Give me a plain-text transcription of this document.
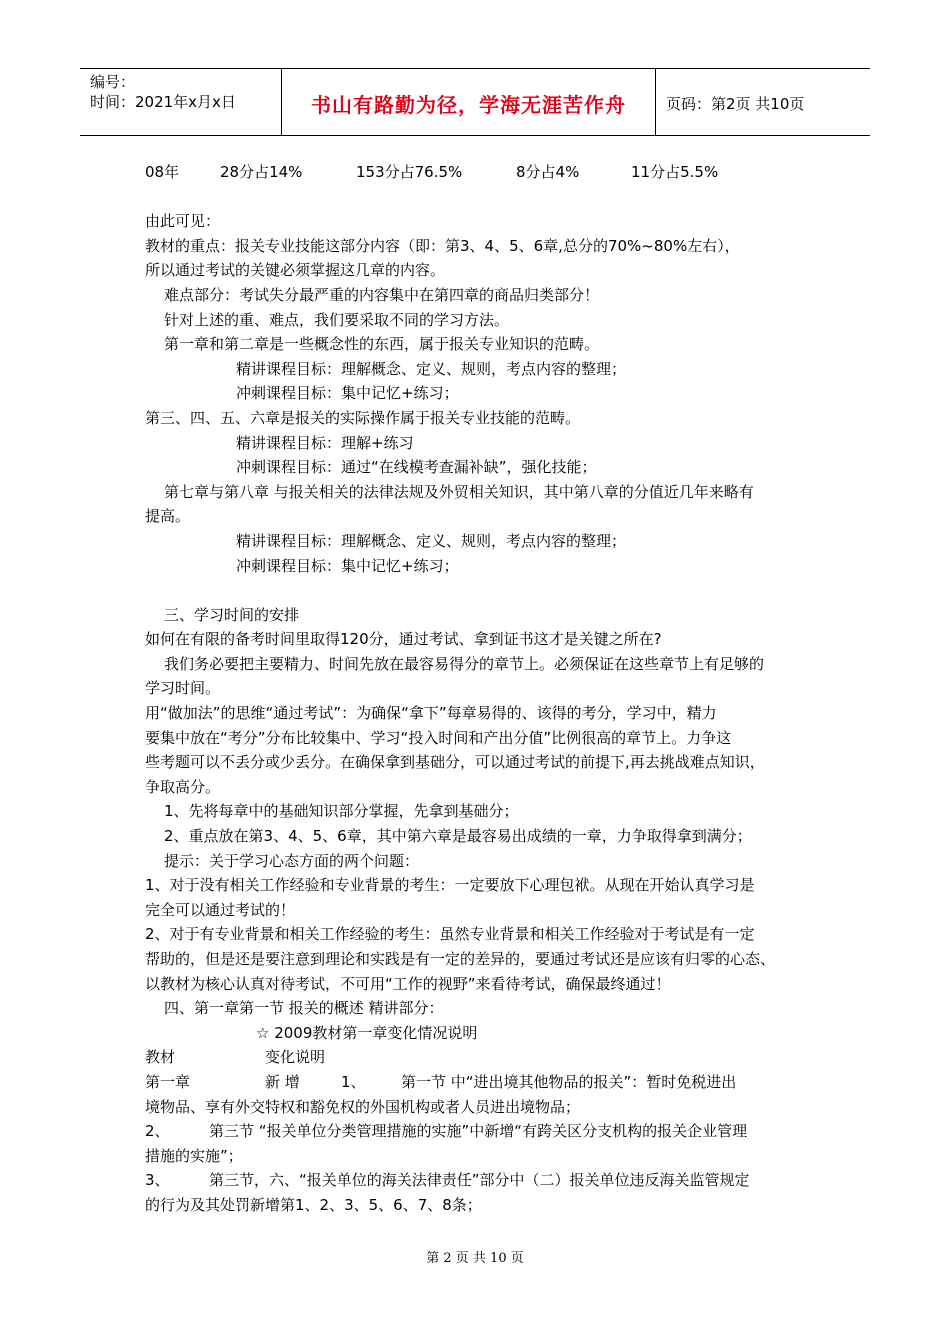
编号：
时间：2021年x月x日	书山有路勤为径，学海无涯苦作舟	页码：第2页 共10页
08年	28分占14%	153分占76.5%	8分占4%	11分占5.5%

由此可见：

教材的重点：报关专业技能这部分内容（即：第3、4、5、6章,总分的70%~80%左右），

所以通过考试的关键必须掌握这几章的内容。

难点部分：考试失分最严重的内容集中在第四章的商品归类部分！

针对上述的重、难点，我们要采取不同的学习方法。

第一章和第二章是一些概念性的东西，属于报关专业知识的范畴。

精讲课程目标：理解概念、定义、规则，考点内容的整理；

冲刺课程目标：集中记忆+练习；

第三、四、五、六章是报关的实际操作属于报关专业技能的范畴。

精讲课程目标：理解+练习

冲刺课程目标：通过“在线模考查漏补缺”，强化技能；

第七章与第八章 与报关相关的法律法规及外贸相关知识，其中第八章的分值近几年来略有

提高。

精讲课程目标：理解概念、定义、规则，考点内容的整理；

冲刺课程目标：集中记忆+练习；

三、学习时间的安排

如何在有限的备考时间里取得120分，通过考试、拿到证书这才是关键之所在?

我们务必要把主要精力、时间先放在最容易得分的章节上。必须保证在这些章节上有足够的

学习时间。

用“做加法”的思维“通过考试”：为确保“拿下”每章易得的、该得的考分，学习中，精力

要集中放在“考分”分布比较集中、学习“投入时间和产出分值”比例很高的章节上。力争这

些考题可以不丢分或少丢分。在确保拿到基础分，可以通过考试的前提下,再去挑战难点知识，

争取高分。

1、先将每章中的基础知识部分掌握，先拿到基础分；

2、重点放在第3、4、5、6章，其中第六章是最容易出成绩的一章，力争取得拿到满分；

提示：关于学习心态方面的两个问题：

1、对于没有相关工作经验和专业背景的考生：一定要放下心理包袱。从现在开始认真学习是

完全可以通过考试的！

2、对于有专业背景和相关工作经验的考生：虽然专业背景和相关工作经验对于考试是有一定

帮助的，但是还是要注意到理论和实践是有一定的差异的，要通过考试还是应该有归零的心态、

以教材为核心认真对待考试，不可用“工作的视野”来看待考试，确保最终通过！

四、第一章第一节 报关的概述 精讲部分：

☆ 2009教材第一章变化情况说明

教材	变化说明

第一章	新 增	1、 第一节 中“进出境其他物品的报关”：暂时免税进出

境物品、享有外交特权和豁免权的外国机构或者人员进出境物品；

2、	第三节 “报关单位分类管理措施的实施”中新增“有跨关区分支机构的报关企业管理

措施的实施”；

3、	第三节，六、“报关单位的海关法律责任”部分中（二）报关单位违反海关监管规定

的行为及其处罚新增第1、2、3、5、6、7、8条；

第 2 页 共 10 页
